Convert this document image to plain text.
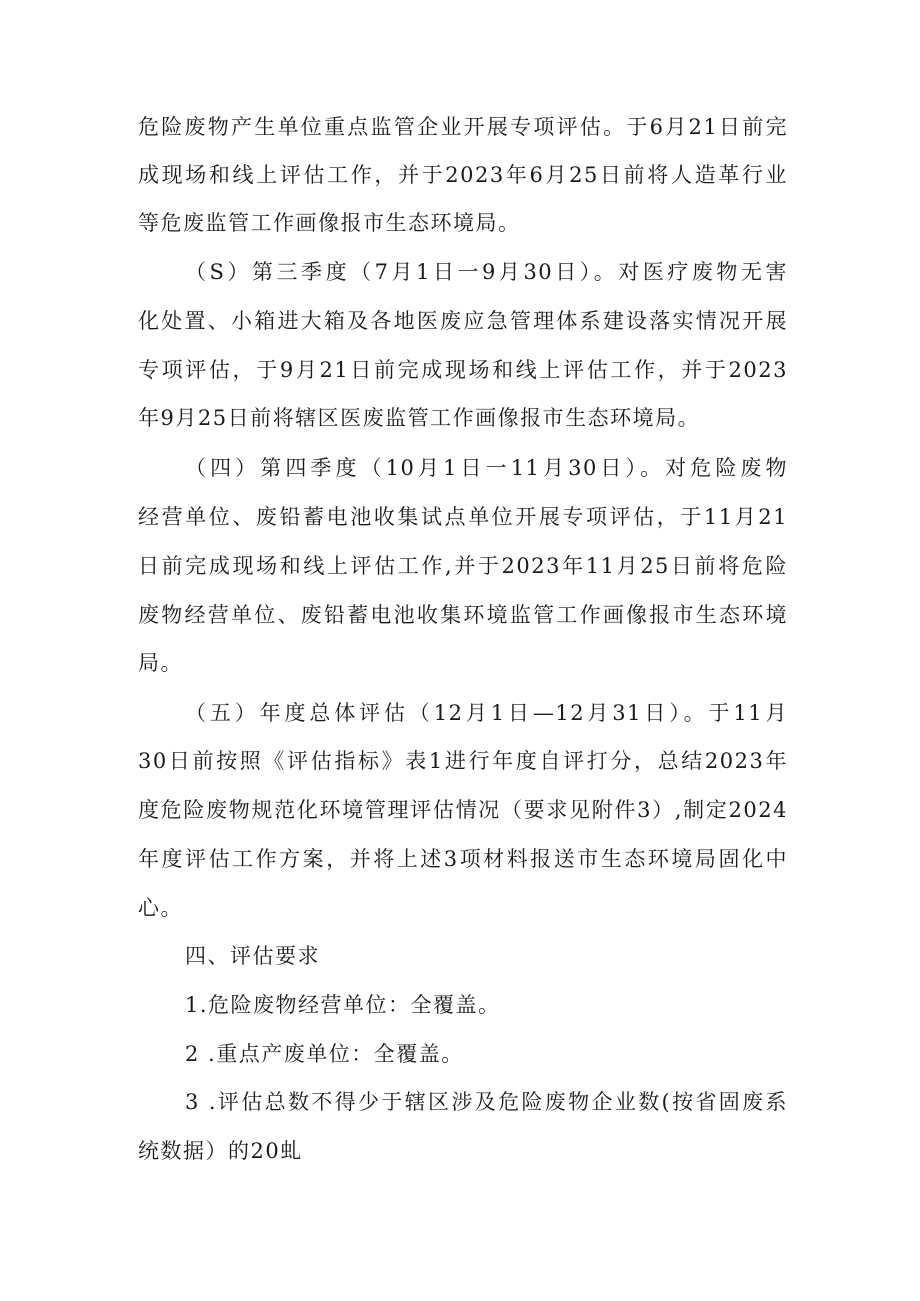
危险废物产生单位重点监管企业开展专项评估。于6月21日前完
成现场和线上评估工作，并于2023年6月25日前将人造革行业
等危废监管工作画像报市生态环境局。
（S）第三季度（7月1日一9月30日）。对医疗废物无害
化处置、小箱进大箱及各地医废应急管理体系建设落实情况开展
专项评估，于9月21日前完成现场和线上评估工作，并于2023
年9月25日前将辖区医废监管工作画像报市生态环境局。
（四）第四季度（10月1日一11月30日）。对危险废物
经营单位、废铅蓄电池收集试点单位开展专项评估，于11月21
日前完成现场和线上评估工作,并于2023年11月25日前将危险
废物经营单位、废铅蓄电池收集环境监管工作画像报市生态环境
局。
（五）年度总体评估（12月1日—12月31日）。于11月
30日前按照《评估指标》表1进行年度自评打分，总结2023年
度危险废物规范化环境管理评估情况（要求见附件3）,制定2024
年度评估工作方案，并将上述3项材料报送市生态环境局固化中
心。
四、评估要求
1.危险废物经营单位：全覆盖。
2 .重点产废单位：全覆盖。
3 .评估总数不得少于辖区涉及危险废物企业数(按省固废系
统数据）的20虬
